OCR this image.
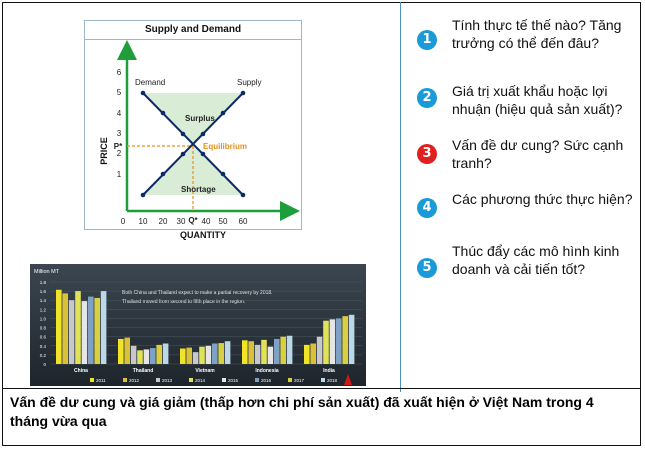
Supply and Demand
6
5
4
3
2
1
P*
0 10 20 30 Q* 40 50 60
Demand	Supply
Surplus
Shortage
Equilibrium
PRICE
QUANTITY
Million MT
Both China and Thailand expect to make a partial recovery by 2018.
Thailand moved from second to fifth place in the region.
1.8
1.6
1.4
1.2
1.0
0.8
0.6
0.4
0.2
0
China	Thailand	Vietnam	Indonesia	India
2011	2012	2013	2014	2015	2016	2017	2018
1
Tính thực tế thế nào? Tăng trưởng có thể đến đâu?
2	Giá trị xuất khẩu hoặc lợi nhuận (hiệu quả sản xuất)?
3
Vấn đề dư cung? Sức cạnh tranh?
4
Các phương thức thực hiện?
5
Thúc đẩy các mô hình kinh doanh và cải tiến tốt?
Vấn đề dư cung và giá giảm (thấp hơn chi phí sản xuất) đã xuất hiện ở Việt Nam trong 4 tháng vừa qua
